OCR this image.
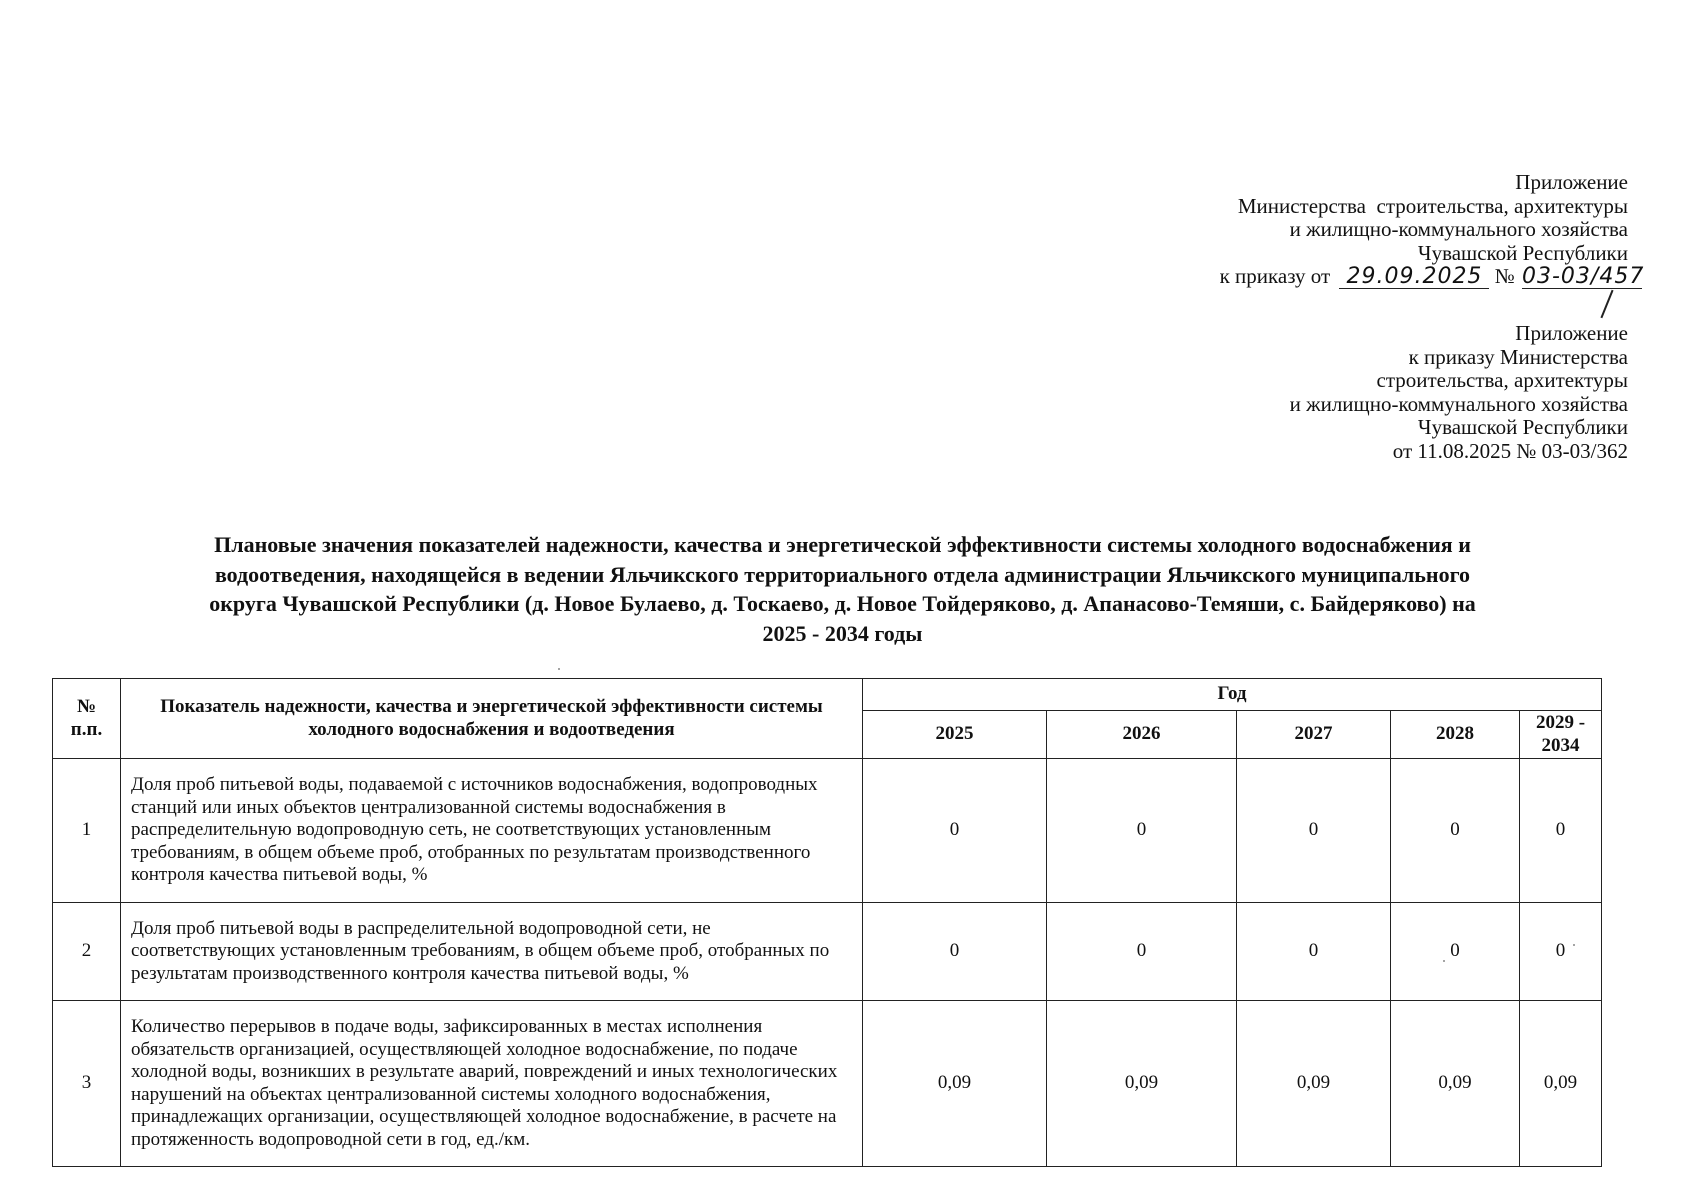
Приложение
Министерства  строительства, архитектуры
и жилищно-коммунального хозяйства
Чувашской Республики
к приказу от 29.09.2025 № 03-03/457
Приложение
к приказу Министерства
строительства, архитектуры
и жилищно-коммунального хозяйства
Чувашской Республики
от 11.08.2025 № 03-03/362
Плановые значения показателей надежности, качества и энергетической эффективности системы холодного водоснабжения и
водоотведения, находящейся в ведении Яльчикского территориального отдела администрации Яльчикского муниципального
округа Чувашской Республики (д. Новое Булаево, д. Тоскаево, д. Новое Тойдеряково, д. Апанасово-Темяши, с. Байдеряково) на
2025 - 2034 годы
№
п.п.	Показатель надежности, качества и энергетической эффективности системы холодного водоснабжения и водоотведения	Год				
		2025	2026	2027	2028	2029 - 2034
1	Доля проб питьевой воды, подаваемой с источников водоснабжения, водопроводных станций или иных объектов централизованной системы водоснабжения в распределительную водопроводную сеть, не соответствующих установленным требованиям, в общем объеме проб, отобранных по результатам производственного контроля качества питьевой воды, %	0	0	0	0	0
2	Доля проб питьевой воды в распределительной водопроводной сети, не соответствующих установленным требованиям, в общем объеме проб, отобранных по результатам производственного контроля качества питьевой воды, %	0	0	0	0	0
3	Количество перерывов в подаче воды, зафиксированных в местах исполнения обязательств организацией, осуществляющей холодное водоснабжение, по подаче холодной воды, возникших в результате аварий, повреждений и иных технологических нарушений на объектах централизованной системы холодного водоснабжения, принадлежащих организации, осуществляющей холодное водоснабжение, в расчете на протяженность водопроводной сети в год, ед./км.	0,09	0,09	0,09	0,09	0,09
